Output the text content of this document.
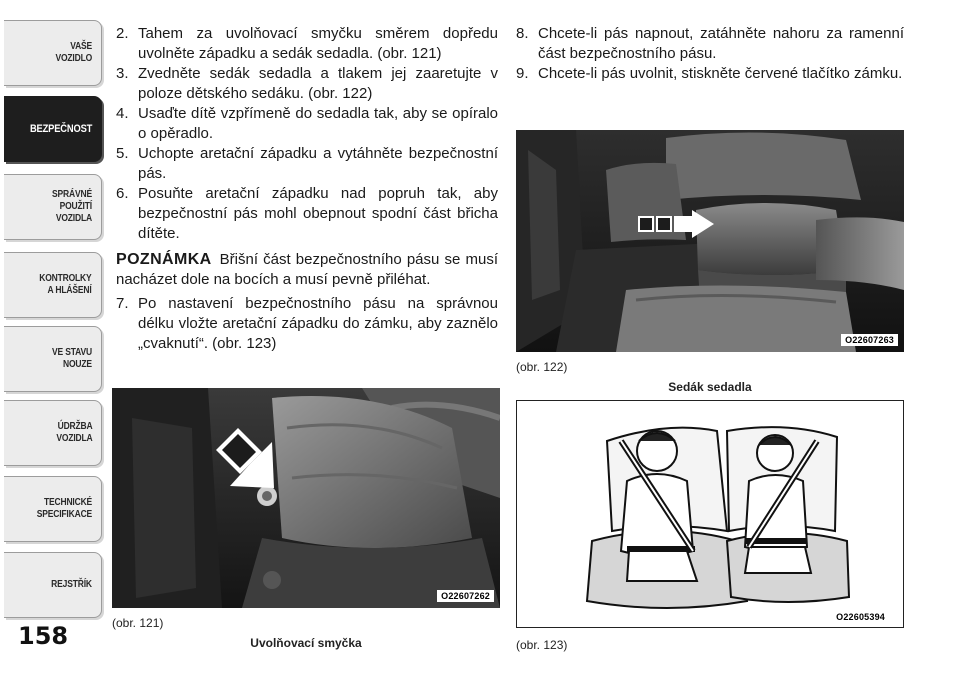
VAŠE
VOZIDLO
BEZPEČNOST
SPRÁVNÉ
POUŽITÍ
VOZIDLA
KONTROLKY
A HLÁŠENÍ
VE STAVU
NOUZE
ÚDRŽBA
VOZIDLA
TECHNICKÉ
SPECIFIKACE
REJSTŘÍK
158
2. Tahem za uvolňovací smyčku směrem dopředu uvolněte západku a sedák sedadla. (obr. 121)
3. Zvedněte sedák sedadla a tlakem jej zaaretujte v poloze dětského sedáku. (obr. 122)
4. Usaďte dítě vzpřímeně do sedadla tak, aby se opíralo o opěradlo.
5. Uchopte aretační západku a vytáhněte bezpečnostní pás.
6. Posuňte aretační západku nad popruh tak, aby bezpečnostní pás mohl obepnout spodní část břicha dítěte.
POZNÁMKA Břišní část bezpečnostního pásu se musí nacházet dole na bocích a musí pevně přiléhat.
7. Po nastavení bezpečnostního pásu na správnou délku vložte aretační západku do zámku, aby zaznělo „cvaknutí“. (obr. 123)
8. Chcete-li pás napnout, zatáhněte nahoru za ramenní část bezpečnostního pásu.
9. Chcete-li pás uvolnit, stiskněte červené tlačítko zámku.
O22607263
(obr. 122)
Sedák sedadla
O22607262
(obr. 121)
Uvolňovací smyčka
O22605394
(obr. 123)
